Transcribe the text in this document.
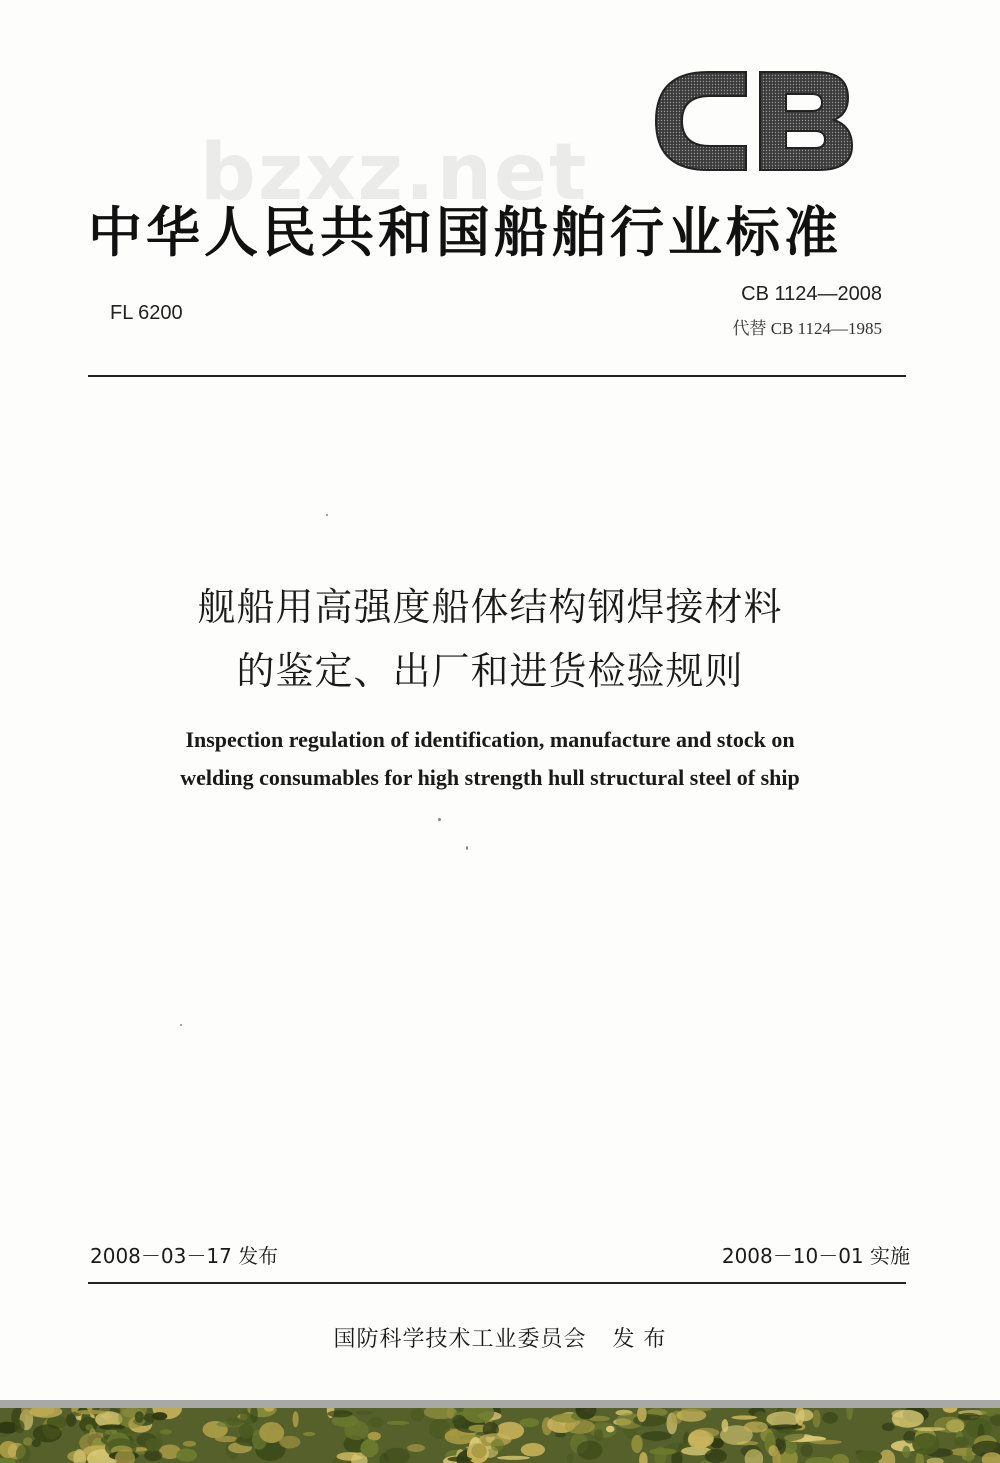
bzxz.net
中华人民共和国船舶行业标准
FL 6200
CB 1124—2008
代替 CB 1124—1985
舰船用高强度船体结构钢焊接材料
的鉴定、出厂和进货检验规则
Inspection regulation of identification, manufacture and stock on
welding consumables for high strength hull structural steel of ship
2008－03－17 发布	2008－10－01 实施
国防科学技术工业委员会 发 布
